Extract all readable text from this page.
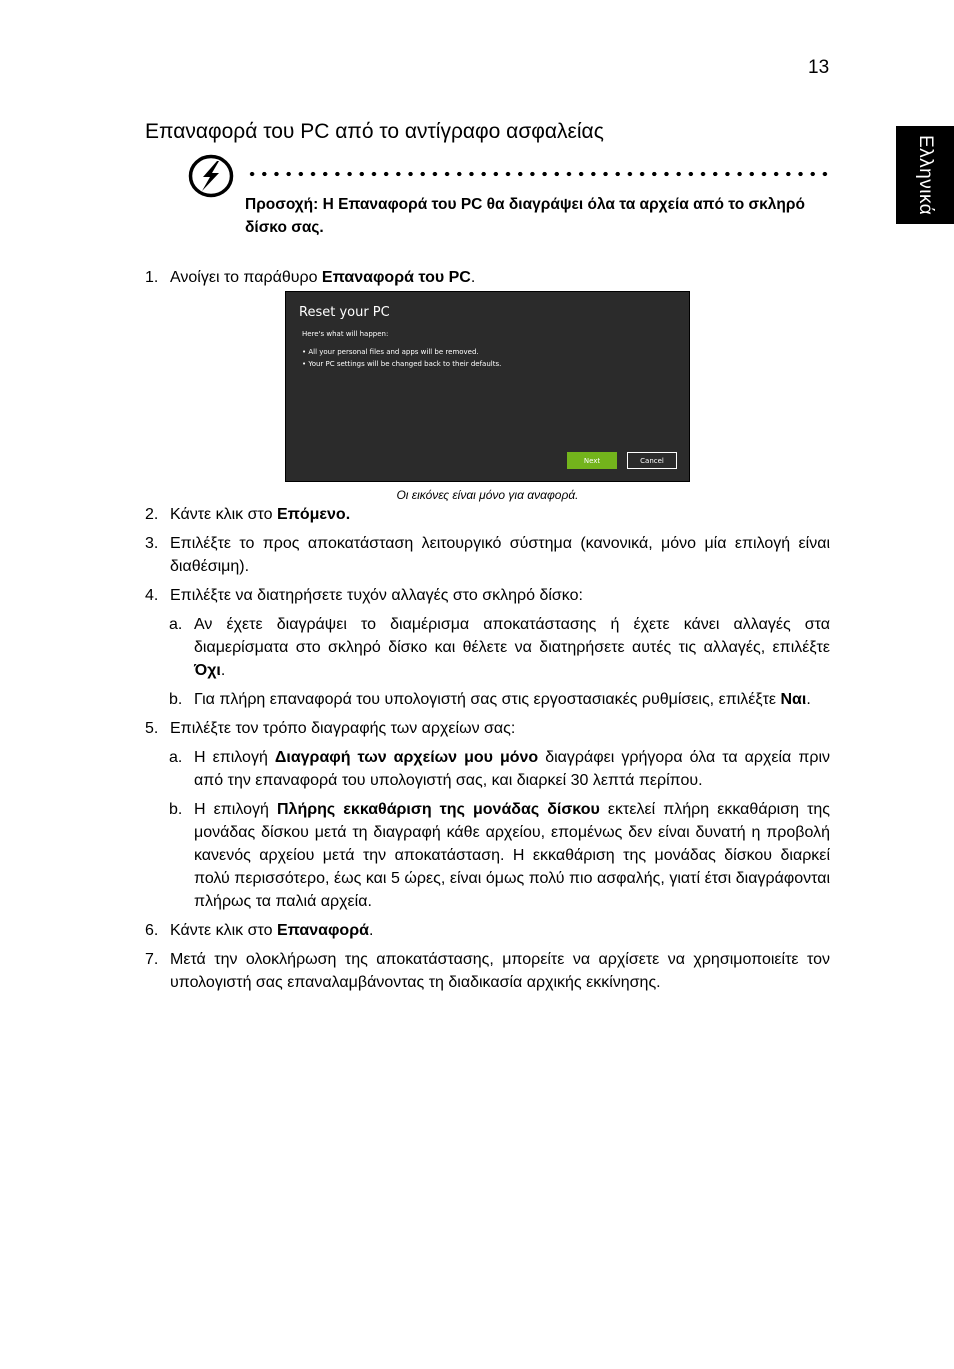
13
Ελληνικά
Επαναφορά του PC από το αντίγραφο ασφαλείας
Προσοχή: Η Επαναφορά του PC θα διαγράψει όλα τα αρχεία από το σκληρό δίσκο σας.
1. Ανοίγει το παράθυρο Επαναφορά του PC.
Reset your PC
Here's what will happen:
• All your personal files and apps will be removed.
• Your PC settings will be changed back to their defaults.
Next	Cancel
Οι εικόνες είναι μόνο για αναφορά.
2. Κάντε κλικ στο Επόμενο.
3. Επιλέξτε το προς αποκατάσταση λειτουργικό σύστημα (κανονικά, μόνο μία επιλογή είναι διαθέσιμη).
4. Επιλέξτε να διατηρήσετε τυχόν αλλαγές στο σκληρό δίσκο:
a. Αν έχετε διαγράψει το διαμέρισμα αποκατάστασης ή έχετε κάνει αλλαγές στα διαμερίσματα στο σκληρό δίσκο και θέλετε να διατηρήσετε αυτές τις αλλαγές, επιλέξτε Όχι.
b. Για πλήρη επαναφορά του υπολογιστή σας στις εργοστασιακές ρυθμίσεις, επιλέξτε Ναι.
5. Επιλέξτε τον τρόπο διαγραφής των αρχείων σας:
a. Η επιλογή Διαγραφή των αρχείων μου μόνο διαγράφει γρήγορα όλα τα αρχεία πριν από την επαναφορά του υπολογιστή σας, και διαρκεί 30 λεπτά περίπου.
b. Η επιλογή Πλήρης εκκαθάριση της μονάδας δίσκου εκτελεί πλήρη εκκαθάριση της μονάδας δίσκου μετά τη διαγραφή κάθε αρχείου, επομένως δεν είναι δυνατή η προβολή κανενός αρχείου μετά την αποκατάσταση. Η εκκαθάριση της μονάδας δίσκου διαρκεί πολύ περισσότερο, έως και 5 ώρες, είναι όμως πολύ πιο ασφαλής, γιατί έτσι διαγράφονται πλήρως τα παλιά αρχεία.
6. Κάντε κλικ στο Επαναφορά.
7. Μετά την ολοκλήρωση της αποκατάστασης, μπορείτε να αρχίσετε να χρησιμοποιείτε τον υπολογιστή σας επαναλαμβάνοντας τη διαδικασία αρχικής εκκίνησης.
